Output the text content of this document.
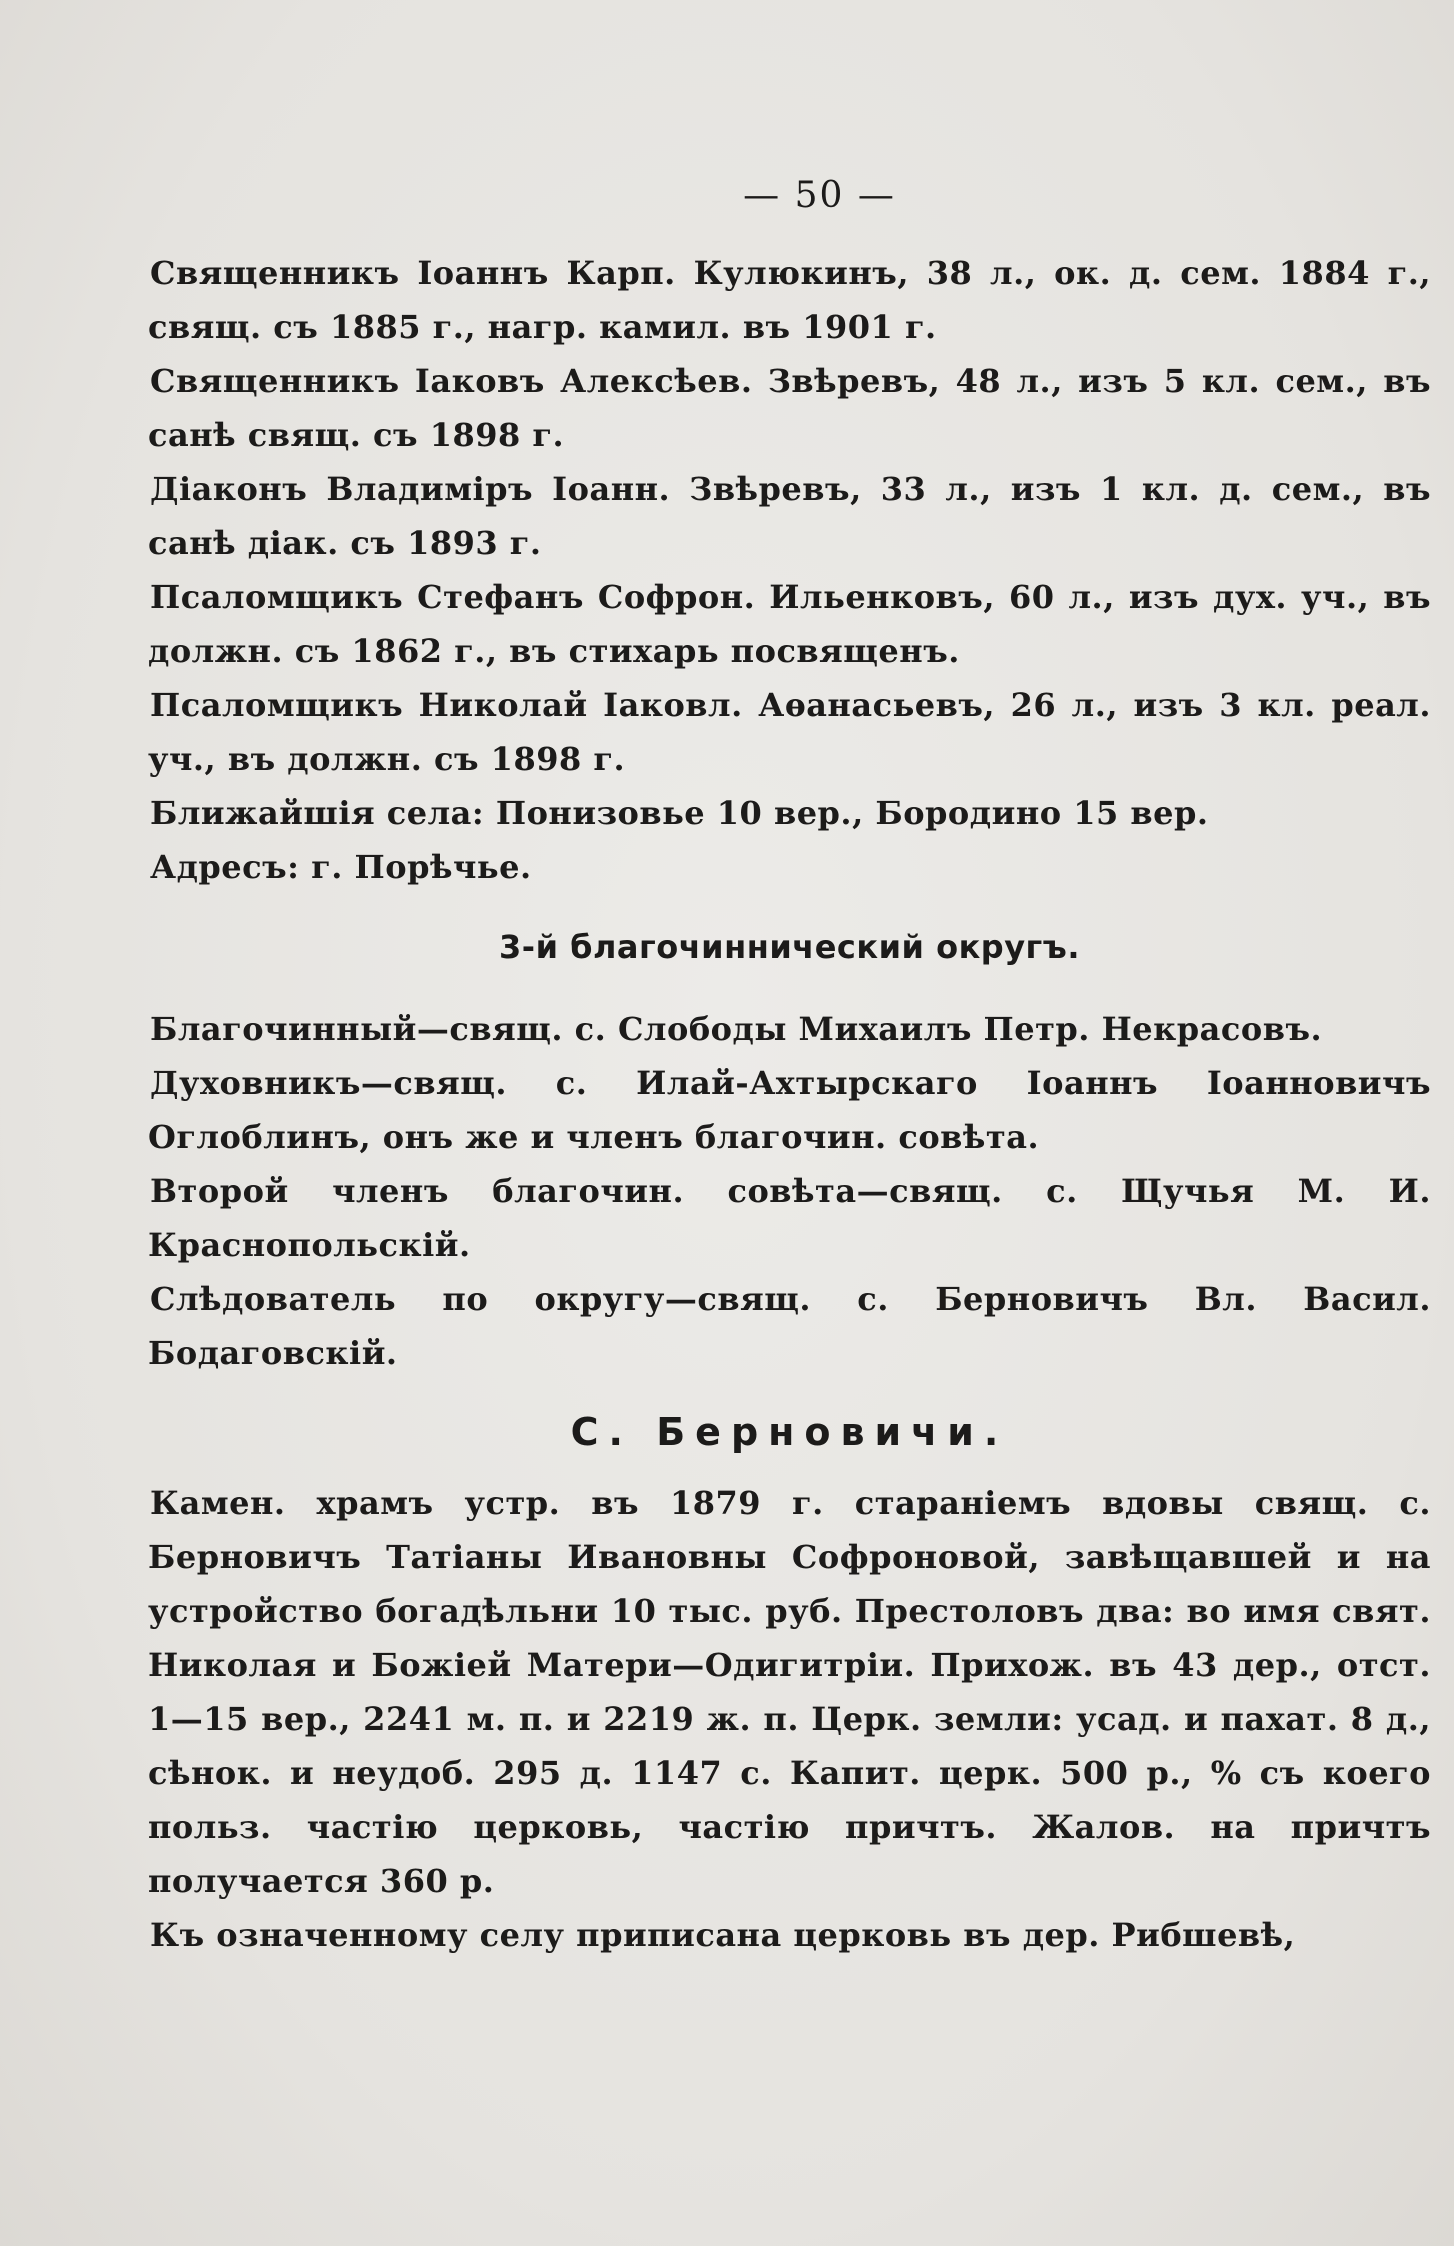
— 50 —

Священникъ Іоаннъ Карп. Кулюкинъ, 38 л., ок. д. сем. 1884 г., свящ. съ 1885 г., нагр. камил. въ 1901 г.

Священникъ Іаковъ Алексѣев. Звѣревъ, 48 л., изъ 5 кл. сем., въ санѣ свящ. съ 1898 г.

Діаконъ Владиміръ Іоанн. Звѣревъ, 33 л., изъ 1 кл. д. сем., въ санѣ діак. съ 1893 г.

Псаломщикъ Стефанъ Софрон. Ильенковъ, 60 л., изъ дух. уч., въ должн. съ 1862 г., въ стихарь посвященъ.

Псаломщикъ Николай Іаковл. Аѳанасьевъ, 26 л., изъ 3 кл. реал. уч., въ должн. съ 1898 г.

Ближайшія села: Понизовье 10 вер., Бородино 15 вер.

Адресъ: г. Порѣчье.

3-й благочиннический округъ.

Благочинный—свящ. с. Слободы Михаилъ Петр. Некрасовъ.

Духовникъ—свящ. с. Илай-Ахтырскаго Іоаннъ Іоанновичъ Оглоблинъ, онъ же и членъ благочин. совѣта.

Второй членъ благочин. совѣта—свящ. с. Щучья М. И. Краснопольскій.

Слѣдователь по округу—свящ. с. Берновичъ Вл. Васил. Бодаговскій.

С. Берновичи.

Камен. храмъ устр. въ 1879 г. стараніемъ вдовы свящ. с. Берновичъ Татіаны Ивановны Софроновой, завѣщавшей и на устройство богадѣльни 10 тыс. руб. Престоловъ два: во имя свят. Николая и Божіей Матери—Одигитріи. Прихож. въ 43 дер., отст. 1—15 вер., 2241 м. п. и 2219 ж. п. Церк. земли: усад. и пахат. 8 д., сѣнок. и неудоб. 295 д. 1147 с. Капит. церк. 500 р., % съ коего польз. частію церковь, частію причтъ. Жалов. на причтъ получается 360 р.

Къ означенному селу приписана церковь въ дер. Рибшевѣ,
